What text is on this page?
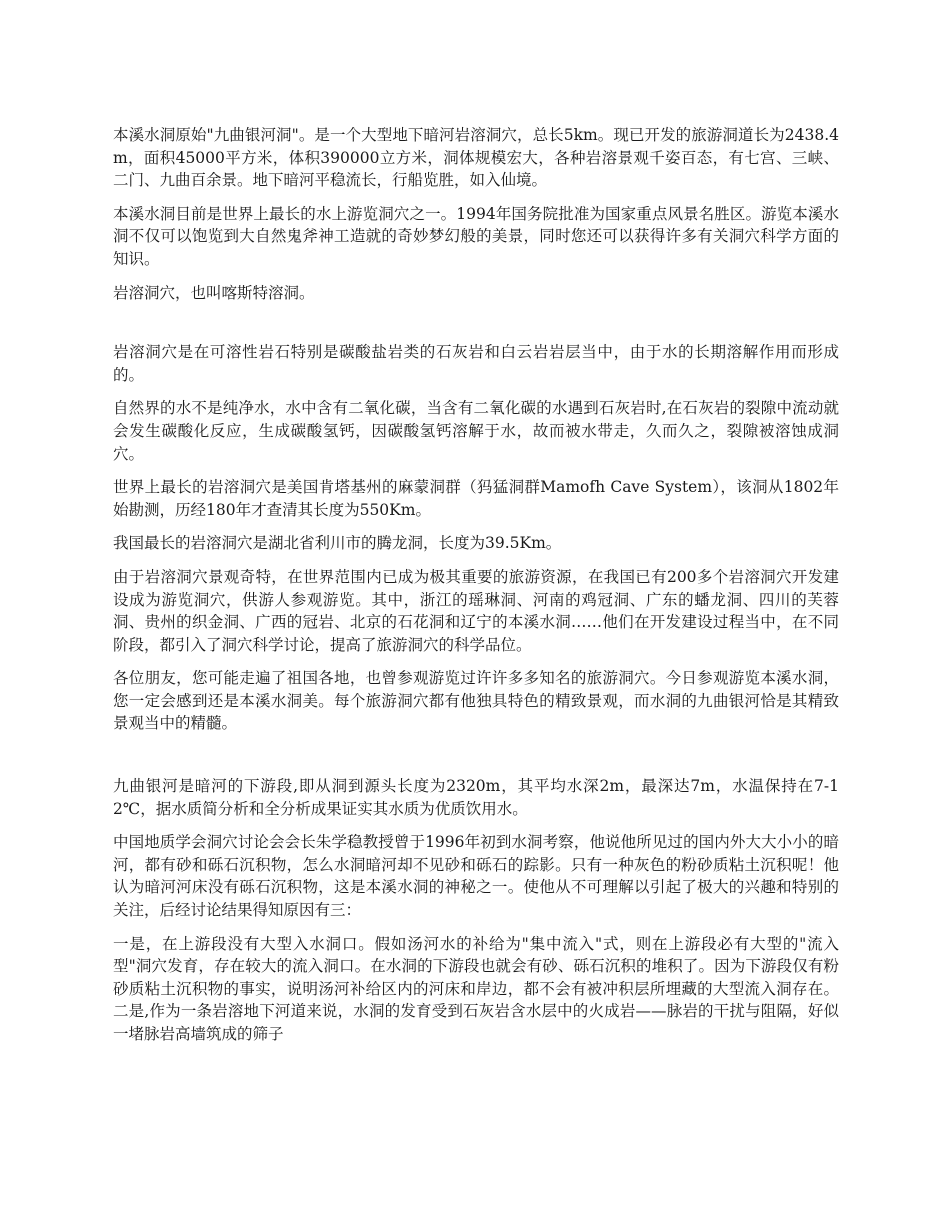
本溪水洞原始"九曲银河洞"。是一个大型地下暗河岩溶洞穴，总长5km。现已开发的旅游洞道长为2438.4m，面积45000平方米，体积390000立方米，洞体规模宏大，各种岩溶景观千姿百态，有七宫、三峡、二门、九曲百余景。地下暗河平稳流长，行船览胜，如入仙境。

本溪水洞目前是世界上最长的水上游览洞穴之一。1994年国务院批准为国家重点风景名胜区。游览本溪水洞不仅可以饱览到大自然鬼斧神工造就的奇妙梦幻般的美景，同时您还可以获得许多有关洞穴科学方面的知识。

岩溶洞穴，也叫喀斯特溶洞。

岩溶洞穴是在可溶性岩石特别是碳酸盐岩类的石灰岩和白云岩岩层当中，由于水的长期溶解作用而形成的。

自然界的水不是纯净水，水中含有二氧化碳，当含有二氧化碳的水遇到石灰岩时,在石灰岩的裂隙中流动就会发生碳酸化反应，生成碳酸氢钙，因碳酸氢钙溶解于水，故而被水带走，久而久之，裂隙被溶蚀成洞穴。

世界上最长的岩溶洞穴是美国肯塔基州的麻蒙洞群（犸猛洞群Mamofh Cave System），该洞从1802年始勘测，历经180年才查清其长度为550Km。

我国最长的岩溶洞穴是湖北省利川市的腾龙洞，长度为39.5Km。

由于岩溶洞穴景观奇特，在世界范围内已成为极其重要的旅游资源，在我国已有200多个岩溶洞穴开发建设成为游览洞穴，供游人参观游览。其中，浙江的瑶琳洞、河南的鸡冠洞、广东的蟠龙洞、四川的芙蓉洞、贵州的织金洞、广西的冠岩、北京的石花洞和辽宁的本溪水洞……他们在开发建设过程当中，在不同阶段，都引入了洞穴科学讨论，提高了旅游洞穴的科学品位。

各位朋友，您可能走遍了祖国各地，也曾参观游览过许许多多知名的旅游洞穴。今日参观游览本溪水洞，您一定会感到还是本溪水洞美。每个旅游洞穴都有他独具特色的精致景观，而水洞的九曲银河恰是其精致景观当中的精髓。

九曲银河是暗河的下游段,即从洞到源头长度为2320m，其平均水深2m，最深达7m，水温保持在7-12℃，据水质简分析和全分析成果证实其水质为优质饮用水。

中国地质学会洞穴讨论会会长朱学稳教授曾于1996年初到水洞考察，他说他所见过的国内外大大小小的暗河，都有砂和砾石沉积物，怎么水洞暗河却不见砂和砾石的踪影。只有一种灰色的粉砂质粘土沉积呢！他认为暗河河床没有砾石沉积物，这是本溪水洞的神秘之一。使他从不可理解以引起了极大的兴趣和特别的关注，后经讨论结果得知原因有三：

一是，在上游段没有大型入水洞口。假如汤河水的补给为"集中流入"式，则在上游段必有大型的"流入型"洞穴发育，存在较大的流入洞口。在水洞的下游段也就会有砂、砾石沉积的堆积了。因为下游段仅有粉砂质粘土沉积物的事实，说明汤河补给区内的河床和岸边，都不会有被冲积层所埋藏的大型流入洞存在。二是,作为一条岩溶地下河道来说，水洞的发育受到石灰岩含水层中的火成岩——脉岩的干扰与阻隔，好似一堵脉岩高墙筑成的筛子
